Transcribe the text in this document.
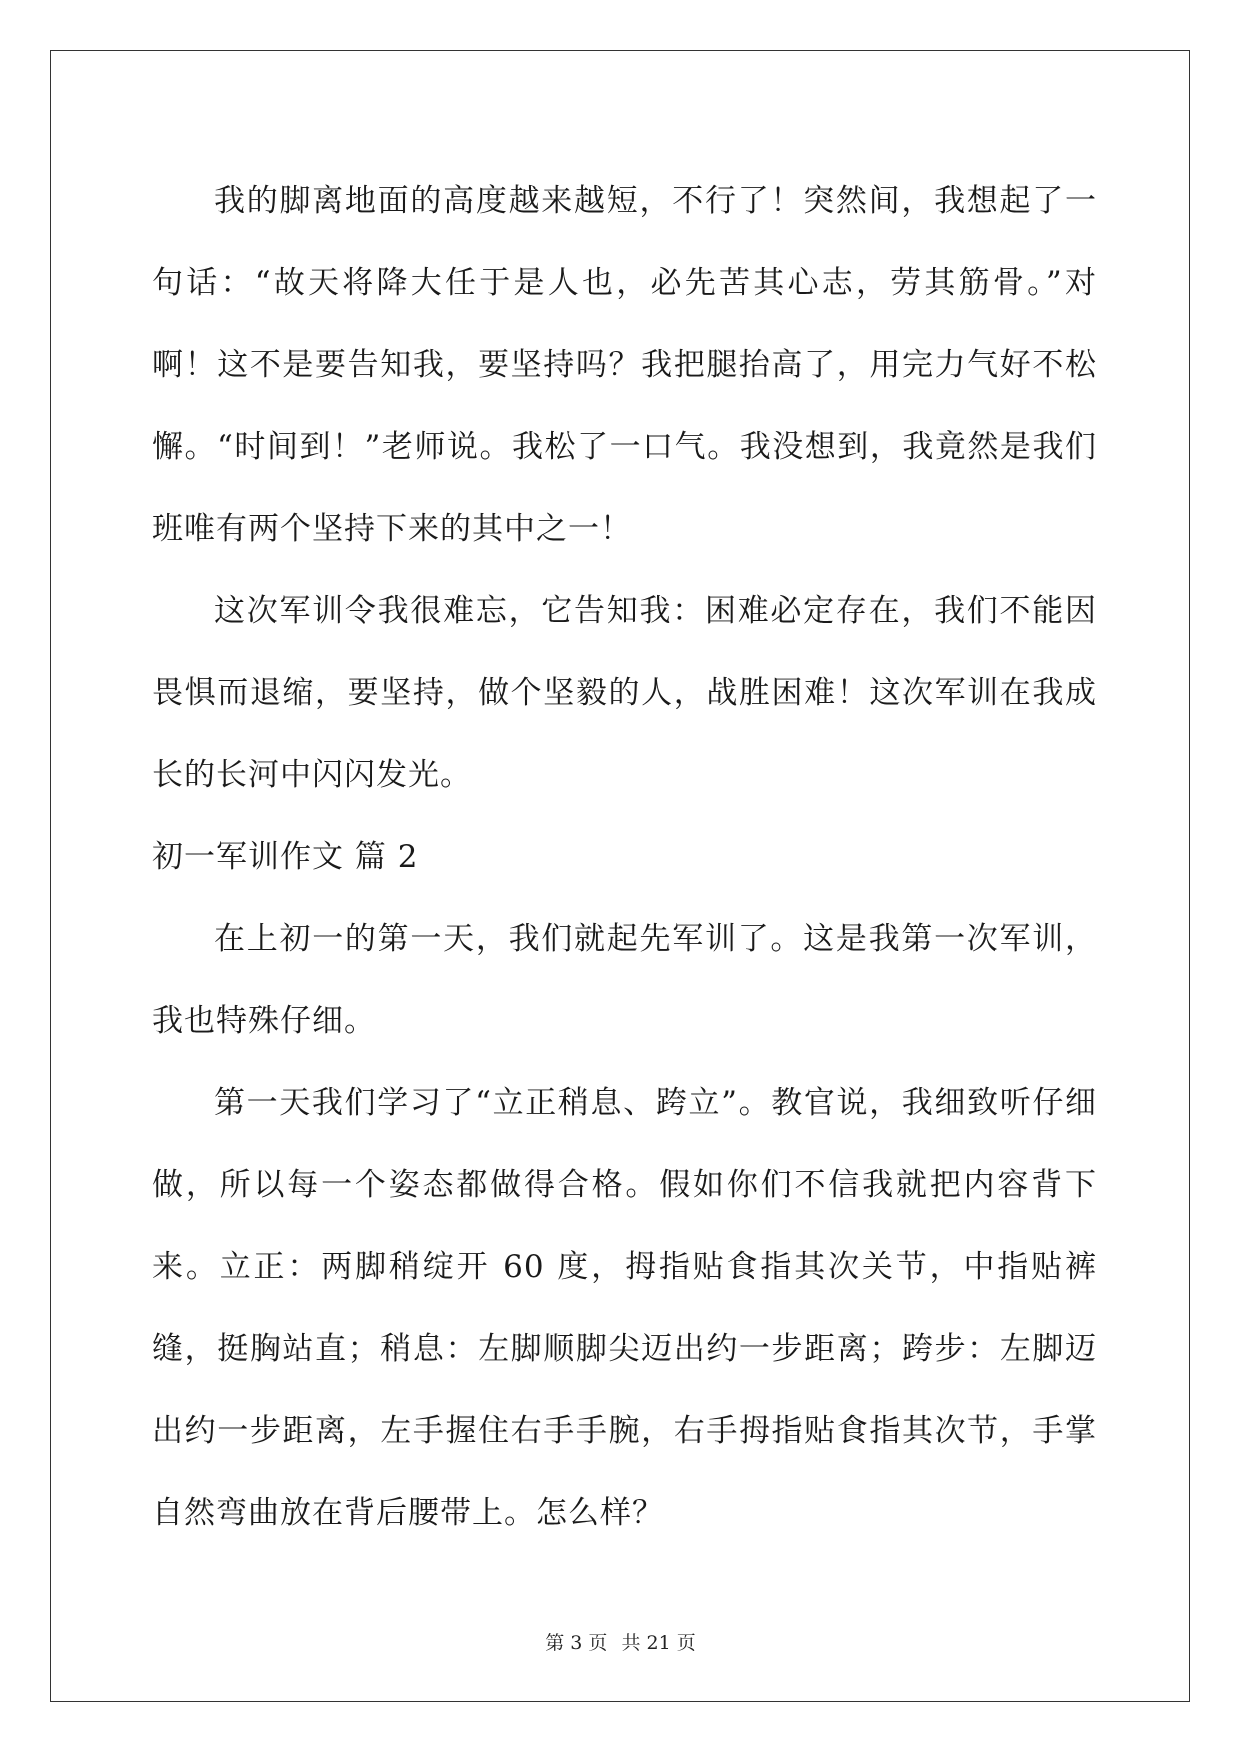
我的脚离地面的高度越来越短，不行了！突然间，我想起了一句话：“故天将降大任于是人也，必先苦其心志，劳其筋骨。”对啊！这不是要告知我，要坚持吗？我把腿抬高了，用完力气好不松懈。“时间到！”老师说。我松了一口气。我没想到，我竟然是我们班唯有两个坚持下来的其中之一！

这次军训令我很难忘，它告知我：困难必定存在，我们不能因畏惧而退缩，要坚持，做个坚毅的人，战胜困难！这次军训在我成长的长河中闪闪发光。

初一军训作文 篇 2

在上初一的第一天，我们就起先军训了。这是我第一次军训，我也特殊仔细。

第一天我们学习了“立正稍息、跨立”。教官说，我细致听仔细做，所以每一个姿态都做得合格。假如你们不信我就把内容背下来。立正：两脚稍绽开 60 度，拇指贴食指其次关节，中指贴裤缝，挺胸站直；稍息：左脚顺脚尖迈出约一步距离；跨步：左脚迈出约一步距离，左手握住右手手腕，右手拇指贴食指其次节，手掌自然弯曲放在背后腰带上。怎么样？

第 3 页 共 21 页
